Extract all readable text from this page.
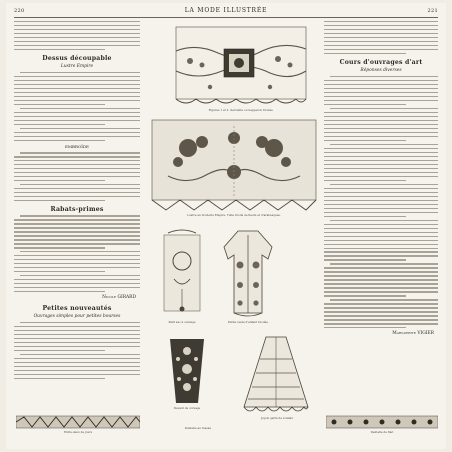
220	LA MODE ILLUSTRÉE	221
Dessus découpable
Lustre Empire
EMBROÏDE
Rabats-primes
Nicole GIRARD
Petites nouveautés
Ouvrages simples pour petites bourses
Cours d'ouvrages d'art
Réponses diverses
Marguerite VIGIER
Figures 1 et 2. Serviette ou napperon brodés.
Lustre en broderie Empire. Tulle brodé de fleurs et d'arabesques.
Petit sac à ouvrage	Petite veste d'enfant brodée
Devant de corsage
Jupon garni de volants
Entre-deux de jours	Dentelle de filet
Dentelle au fuseau
